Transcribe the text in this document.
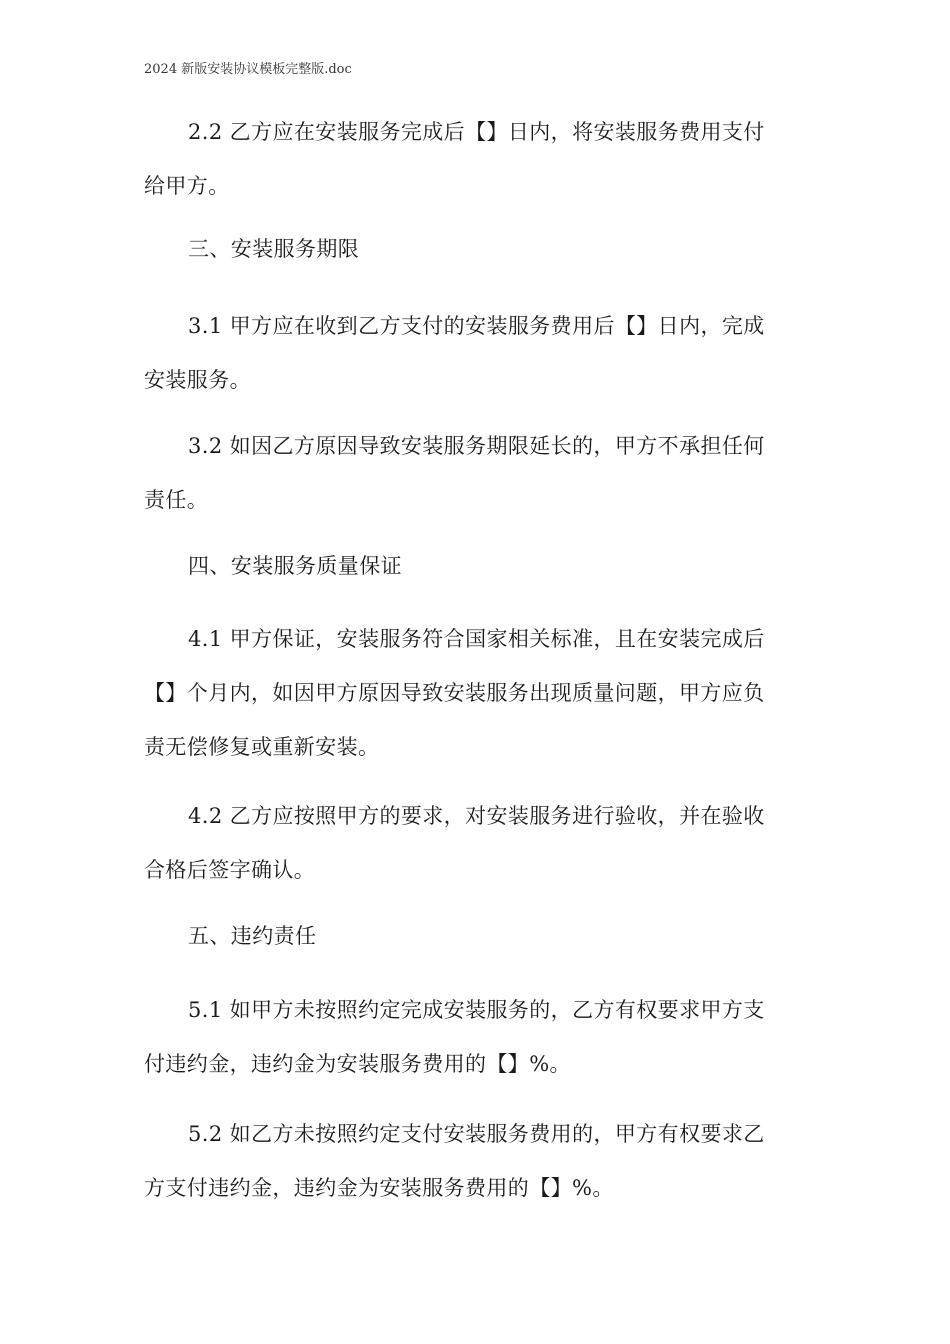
2024 新版安装协议模板完整版.doc

2.2 乙方应在安装服务完成后【】日内，将安装服务费用支付
给甲方。

三、安装服务期限

3.1 甲方应在收到乙方支付的安装服务费用后【】日内，完成
安装服务。

3.2 如因乙方原因导致安装服务期限延长的，甲方不承担任何
责任。

四、安装服务质量保证

4.1 甲方保证，安装服务符合国家相关标准，且在安装完成后
【】个月内，如因甲方原因导致安装服务出现质量问题，甲方应负
责无偿修复或重新安装。

4.2 乙方应按照甲方的要求，对安装服务进行验收，并在验收
合格后签字确认。

五、违约责任

5.1 如甲方未按照约定完成安装服务的，乙方有权要求甲方支
付违约金，违约金为安装服务费用的【】%。

5.2 如乙方未按照约定支付安装服务费用的，甲方有权要求乙
方支付违约金，违约金为安装服务费用的【】%。
